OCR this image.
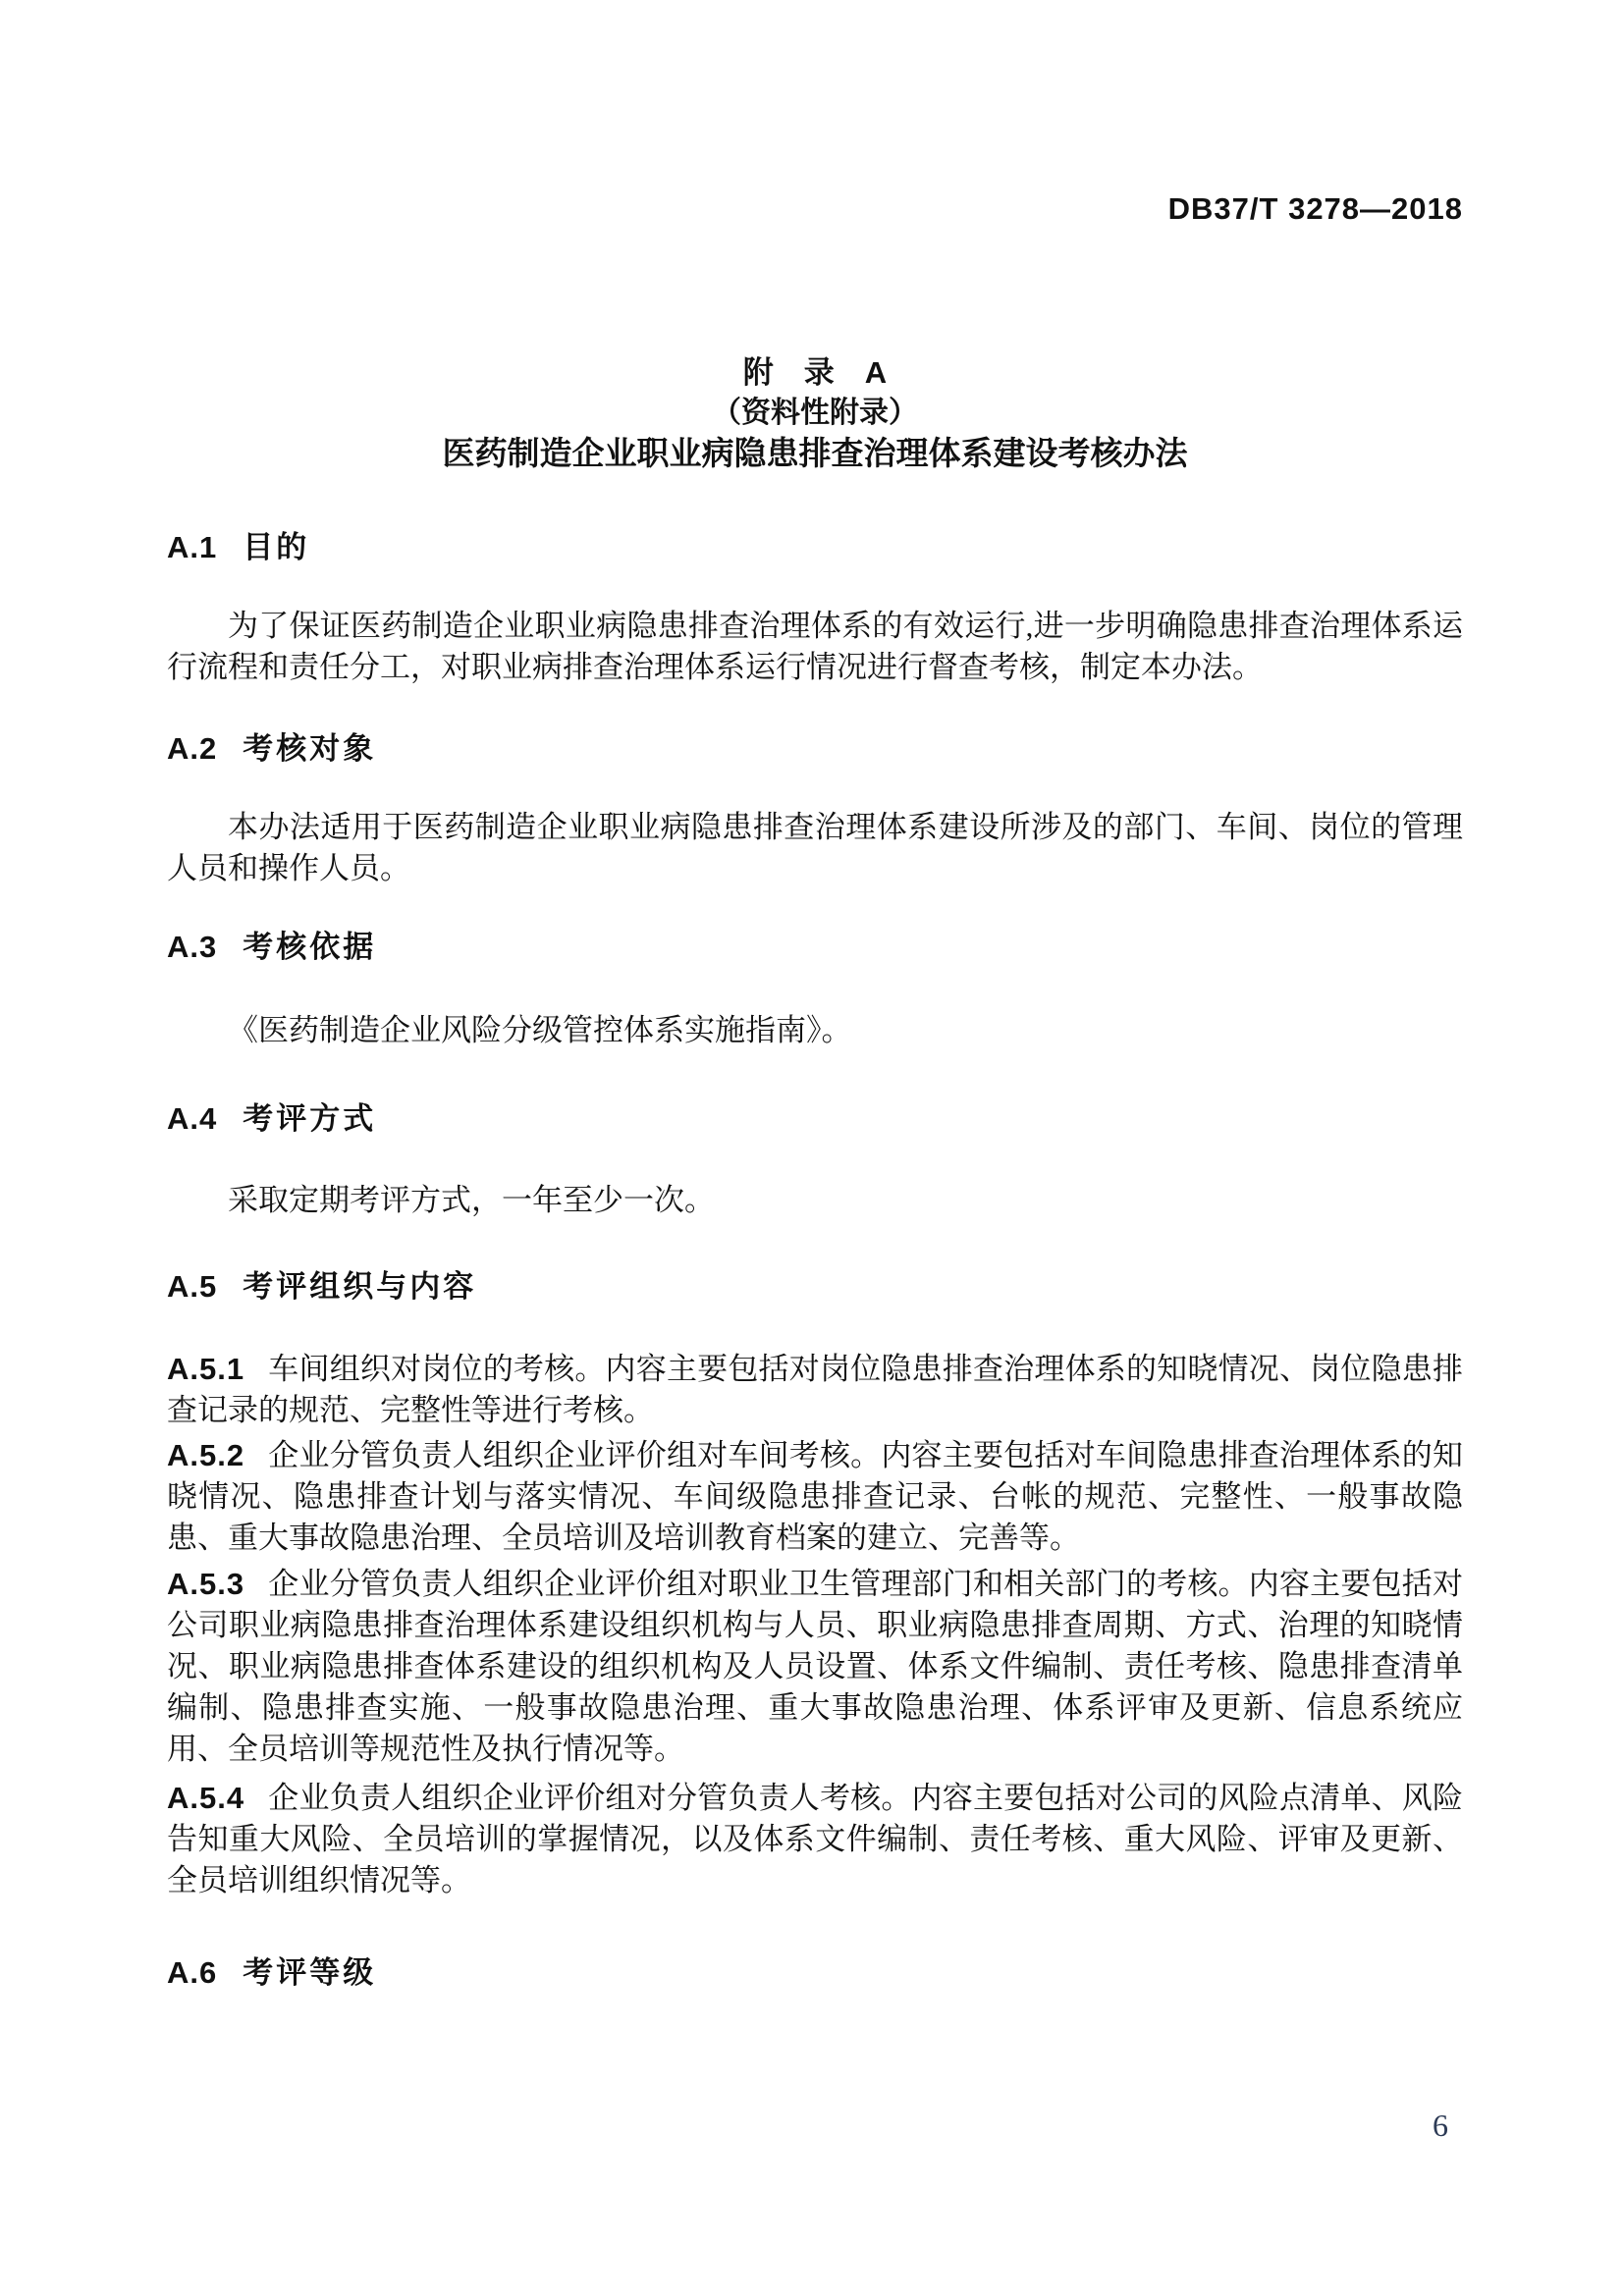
DB37/T 3278—2018
附　录　A
（资料性附录）
医药制造企业职业病隐患排查治理体系建设考核办法
A.1 目的

为了保证医药制造企业职业病隐患排查治理体系的有效运行,进一步明确隐患排查治理体系运行流程和责任分工，对职业病排查治理体系运行情况进行督查考核，制定本办法。

A.2 考核对象

本办法适用于医药制造企业职业病隐患排查治理体系建设所涉及的部门、车间、岗位的管理人员和操作人员。

A.3 考核依据

《医药制造企业风险分级管控体系实施指南》。

A.4 考评方式

采取定期考评方式，一年至少一次。

A.5 考评组织与内容

A.5.1 车间组织对岗位的考核。内容主要包括对岗位隐患排查治理体系的知晓情况、岗位隐患排查记录的规范、完整性等进行考核。

A.5.2 企业分管负责人组织企业评价组对车间考核。内容主要包括对车间隐患排查治理体系的知晓情况、隐患排查计划与落实情况、车间级隐患排查记录、台帐的规范、完整性、一般事故隐患、重大事故隐患治理、全员培训及培训教育档案的建立、完善等。

A.5.3 企业分管负责人组织企业评价组对职业卫生管理部门和相关部门的考核。内容主要包括对公司职业病隐患排查治理体系建设组织机构与人员、职业病隐患排查周期、方式、治理的知晓情况、职业病隐患排查体系建设的组织机构及人员设置、体系文件编制、责任考核、隐患排查清单编制、隐患排查实施、一般事故隐患治理、重大事故隐患治理、体系评审及更新、信息系统应用、全员培训等规范性及执行情况等。

A.5.4 企业负责人组织企业评价组对分管负责人考核。内容主要包括对公司的风险点清单、风险告知重大风险、全员培训的掌握情况，以及体系文件编制、责任考核、重大风险、评审及更新、全员培训组织情况等。

A.6 考评等级
6
